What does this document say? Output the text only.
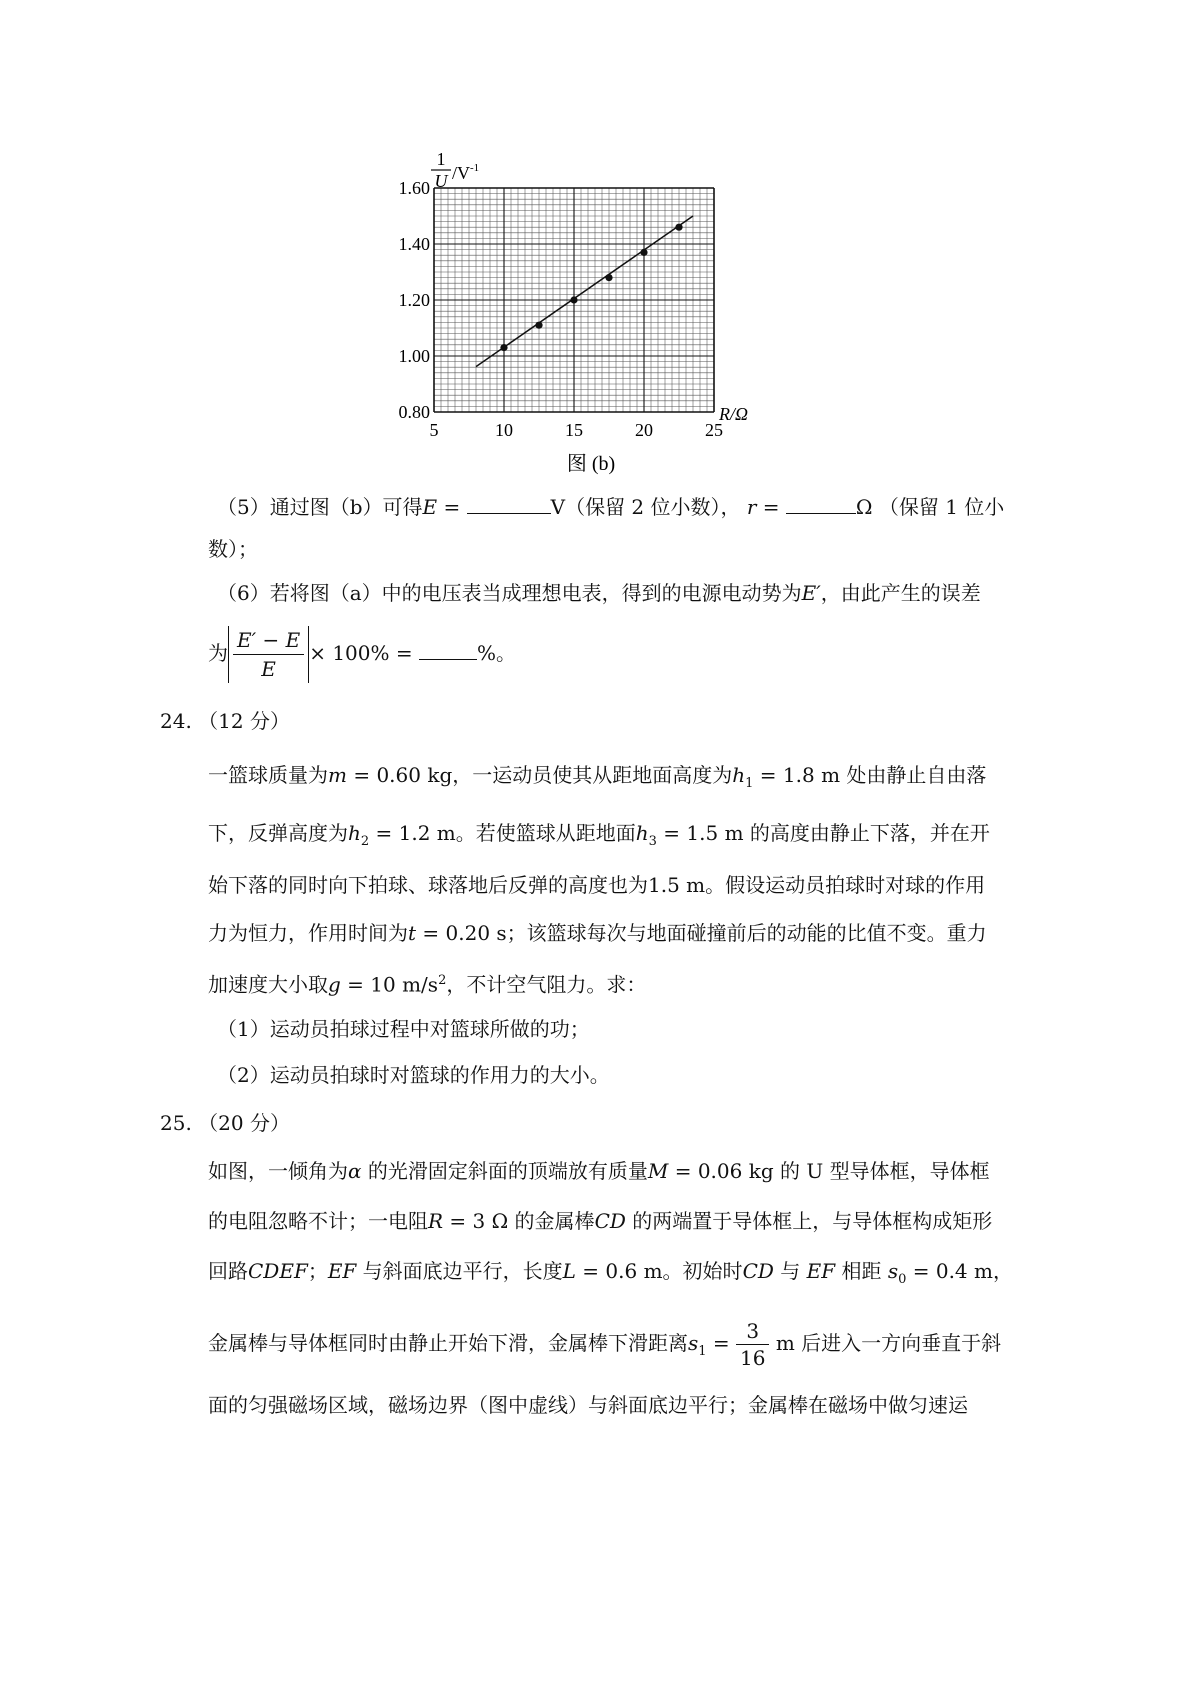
0.80
1.00
1.20
1.40
1.60
5	10	15	20	25
1
U $/V^{-1}$
R/Ω
图 (b)
（5）通过图（b）可得E =	V（保留 2 位小数）， r =	Ω （保留 1 位小
数）；
（6）若将图（a）中的电压表当成理想电表，得到的电源电动势为E′，由此产生的误差
为 $\frac{E' - E}{E} \times 100\%$ =	%。
24. （12 分）
一篮球质量为m = 0.60 kg，一运动员使其从距地面高度为$h_1 = 1.8$ m 处由静止自由落
下，反弹高度为$h_2 = 1.2$ m。若使篮球从距地面$h_3 = 1.5$ m 的高度由静止下落，并在开
始下落的同时向下拍球、球落地后反弹的高度也为1.5 m。假设运动员拍球时对球的作用
力为恒力，作用时间为t = 0.20 s；该篮球每次与地面碰撞前后的动能的比值不变。重力
加速度大小取g = 10 $m/s^2$，不计空气阻力。求：
（1）运动员拍球过程中对篮球所做的功；
（2）运动员拍球时对篮球的作用力的大小。
25. （20 分）
如图，一倾角为α 的光滑固定斜面的顶端放有质量M = 0.06 kg 的 U 型导体框，导体框
的电阻忽略不计；一电阻R = 3 Ω 的金属棒CD 的两端置于导体框上，与导体框构成矩形
回路CDEF；EF 与斜面底边平行，长度L = 0.6 m。初始时CD 与 EF 相距 $s_0 = 0.4$ m，
金属棒与导体框同时由静止开始下滑，金属棒下滑距离$s_1 = \frac{3}{16}$ m 后进入一方向垂直于斜
面的匀强磁场区域，磁场边界（图中虚线）与斜面底边平行；金属棒在磁场中做匀速运
